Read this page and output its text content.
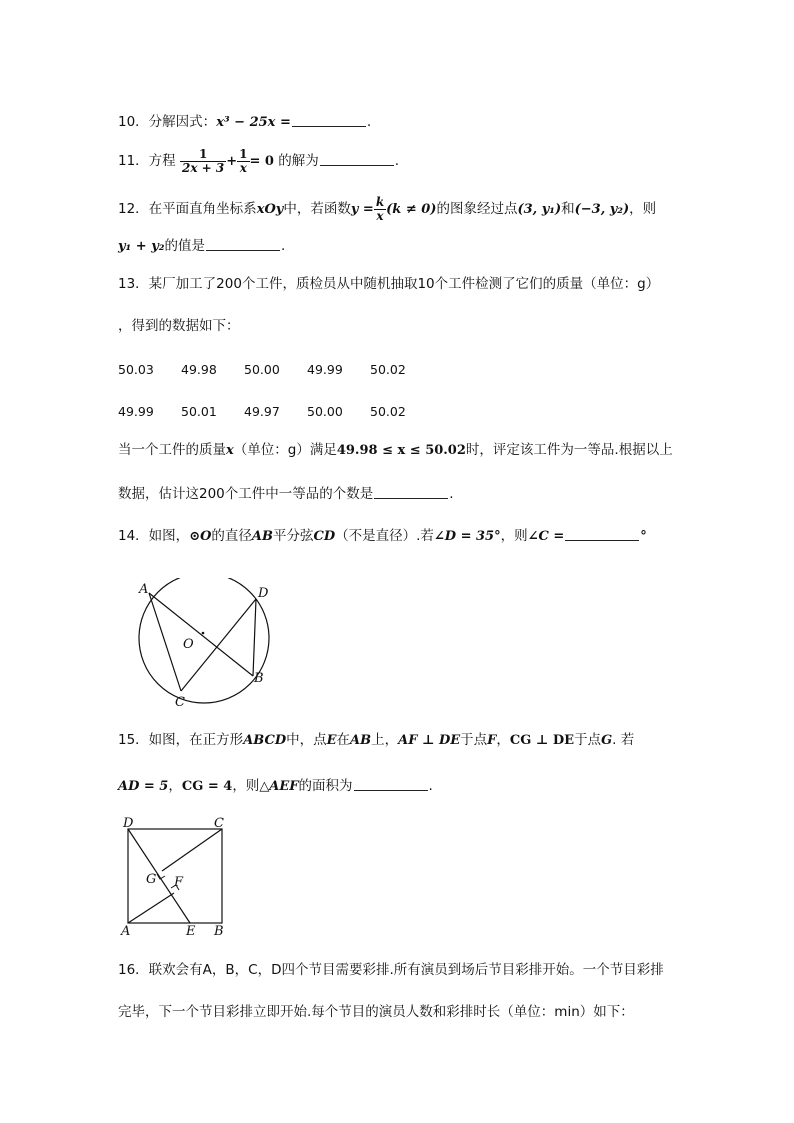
10．分解因式：x³ − 25x =	.
11．方程 $\frac{1}{2x + 3} + \frac{1}{x} = 0$ 的解为	.
12．在平面直角坐标系xOy中，若函数$y = \frac{k}{x} (k \ne 0)$的图象经过点(3, y₁)和(−3, y₂)，则
y₁ + y₂的值是	.
13．某厂加工了200个工件，质检员从中随机抽取10个工件检测了它们的质量（单位：g）
，得到的数据如下：
50.03 49.98 50.00 49.99 50.02
49.99 50.01 49.97 50.00 50.02
当一个工件的质量x（单位：g）满足49.98 ≤ x ≤ 50.02时，评定该工件为一等品.根据以上
数据，估计这200个工件中一等品的个数是	.
14．如图，⊙O的直径AB平分弦CD（不是直径）.若∠D = 35°，则∠C =	°
A	D
O
B
C
15．如图，在正方形ABCD中，点E在AB上，AF ⊥ DE于点F，CG ⊥ DE于点G. 若
AD = 5，CG = 4，则△AEF的面积为	.
D	C
G F
A	E B
16．联欢会有A，B，C，D四个节目需要彩排.所有演员到场后节目彩排开始。一个节目彩排
完毕，下一个节目彩排立即开始.每个节目的演员人数和彩排时长（单位：min）如下：
